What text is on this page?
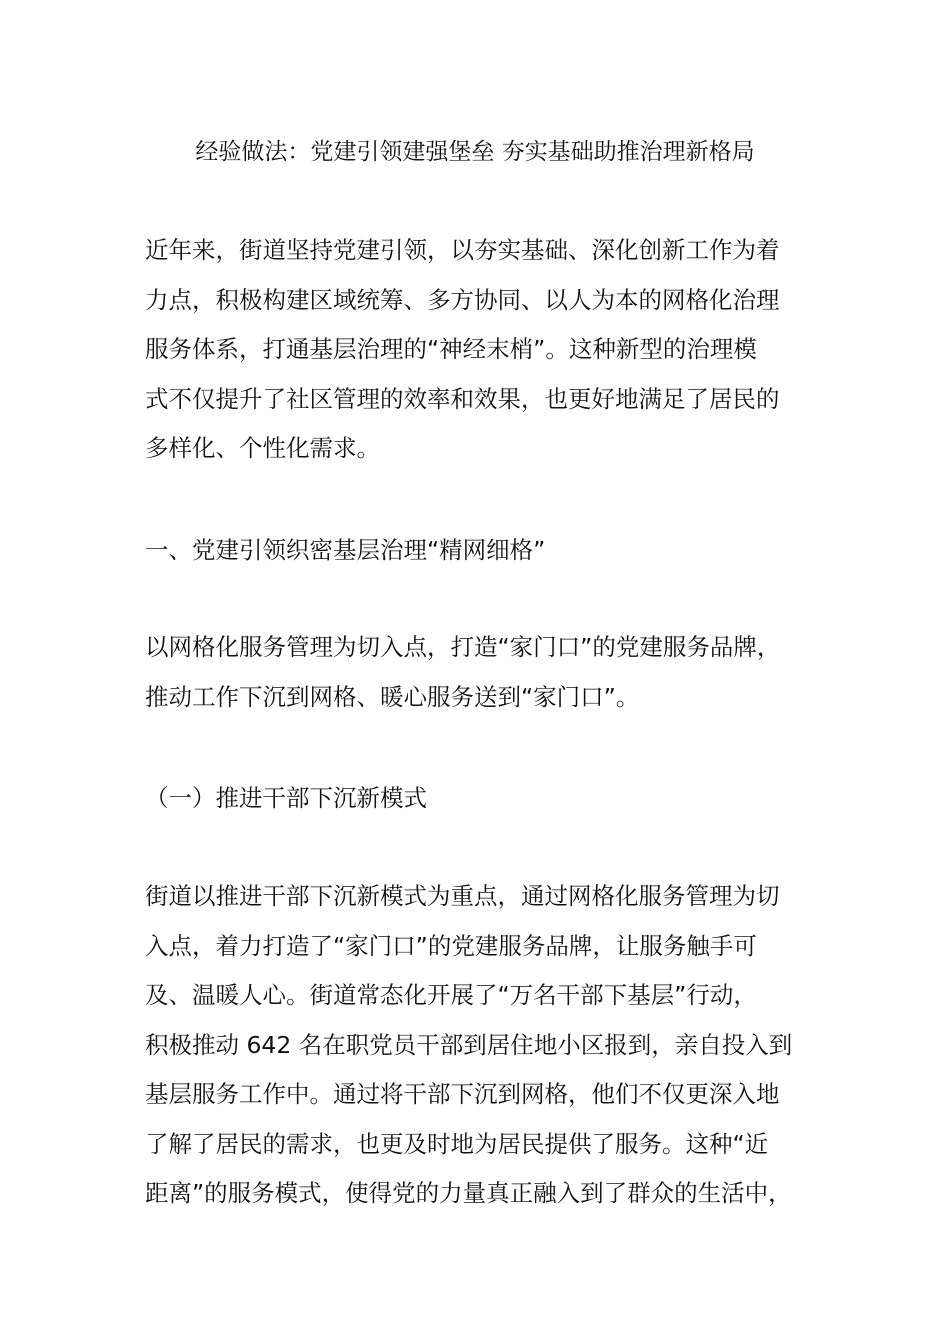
经验做法：党建引领建强堡垒 夯实基础助推治理新格局
近年来，街道坚持党建引领，以夯实基础、深化创新工作为着
力点，积极构建区域统筹、多方协同、以人为本的网格化治理
服务体系，打通基层治理的“神经末梢”。这种新型的治理模
式不仅提升了社区管理的效率和效果，也更好地满足了居民的
多样化、个性化需求。
一、党建引领织密基层治理“精网细格”
以网格化服务管理为切入点，打造“家门口”的党建服务品牌，
推动工作下沉到网格、暖心服务送到“家门口”。
（一）推进干部下沉新模式
街道以推进干部下沉新模式为重点，通过网格化服务管理为切
入点，着力打造了“家门口”的党建服务品牌，让服务触手可
及、温暖人心。街道常态化开展了“万名干部下基层”行动，
积极推动 642 名在职党员干部到居住地小区报到，亲自投入到
基层服务工作中。通过将干部下沉到网格，他们不仅更深入地
了解了居民的需求，也更及时地为居民提供了服务。这种“近
距离”的服务模式，使得党的力量真正融入到了群众的生活中，
